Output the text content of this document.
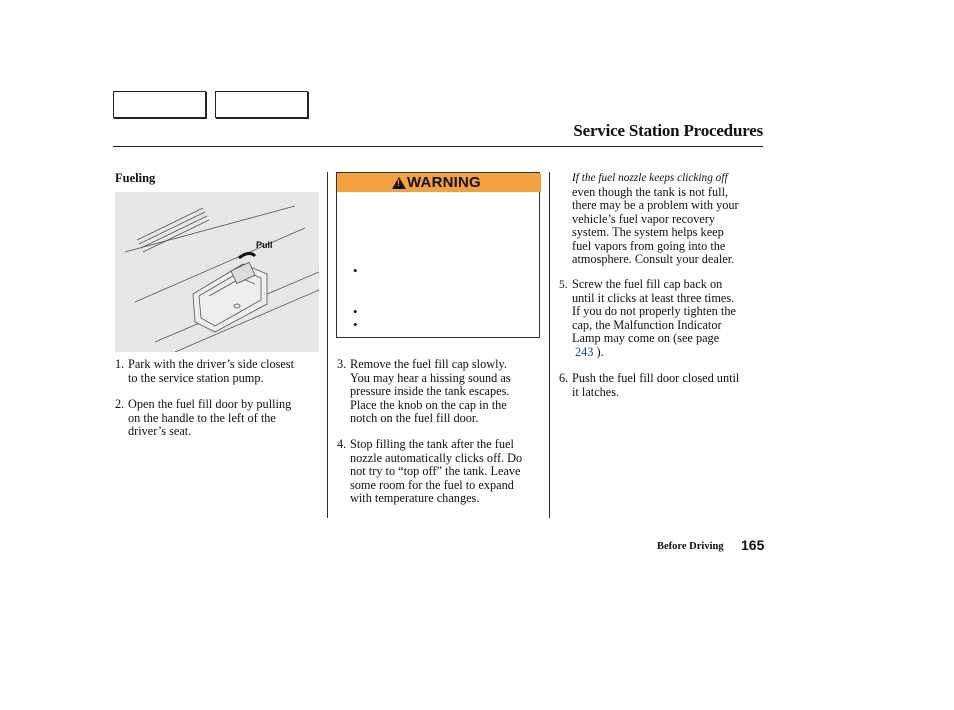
Service Station Procedures
Fueling
Pull
1. Park with the driver’s side closest
to the service station pump.
2. Open the fuel fill door by pulling
on the handle to the left of the
driver’s seat.
!
WARNING
•
•
•
3. Remove the fuel fill cap slowly.
You may hear a hissing sound as
pressure inside the tank escapes.
Place the knob on the cap in the
notch on the fuel fill door.
4. Stop filling the tank after the fuel
nozzle automatically clicks off. Do
not try to “top off” the tank. Leave
some room for the fuel to expand
with temperature changes.
If the fuel nozzle keeps clicking off
even though the tank is not full,
there may be a problem with your
vehicle’s fuel vapor recovery
system. The system helps keep
fuel vapors from going into the
atmosphere. Consult your dealer.
5. Screw the fuel fill cap back on
until it clicks at least three times.
If you do not properly tighten the
cap, the Malfunction Indicator
Lamp may come on (see page
243 ).
6. Push the fuel fill door closed until
it latches.
Before Driving 165
